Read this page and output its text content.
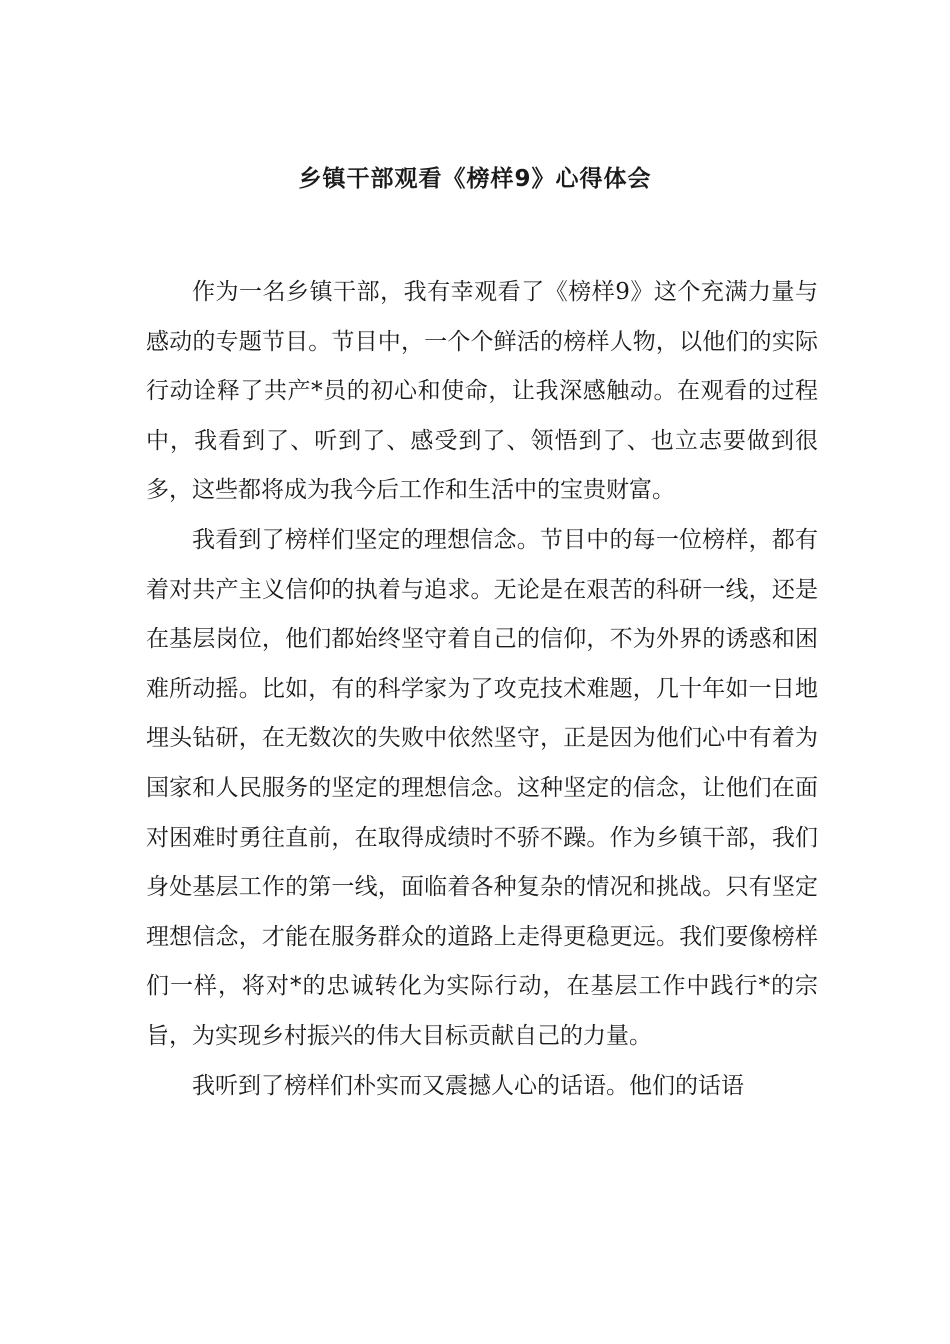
乡镇干部观看《榜样9》心得体会

作为一名乡镇干部，我有幸观看了《榜样9》这个充满力量与感动的专题节目。节目中，一个个鲜活的榜样人物，以他们的实际行动诠释了共产*员的初心和使命，让我深感触动。在观看的过程中，我看到了、听到了、感受到了、领悟到了、也立志要做到很多，这些都将成为我今后工作和生活中的宝贵财富。

我看到了榜样们坚定的理想信念。节目中的每一位榜样，都有着对共产主义信仰的执着与追求。无论是在艰苦的科研一线，还是在基层岗位，他们都始终坚守着自己的信仰，不为外界的诱惑和困难所动摇。比如，有的科学家为了攻克技术难题，几十年如一日地埋头钻研，在无数次的失败中依然坚守，正是因为他们心中有着为国家和人民服务的坚定的理想信念。这种坚定的信念，让他们在面对困难时勇往直前，在取得成绩时不骄不躁。作为乡镇干部，我们身处基层工作的第一线，面临着各种复杂的情况和挑战。只有坚定理想信念，才能在服务群众的道路上走得更稳更远。我们要像榜样们一样，将对*的忠诚转化为实际行动，在基层工作中践行*的宗旨，为实现乡村振兴的伟大目标贡献自己的力量。

我听到了榜样们朴实而又震撼人心的话语。他们的话语
